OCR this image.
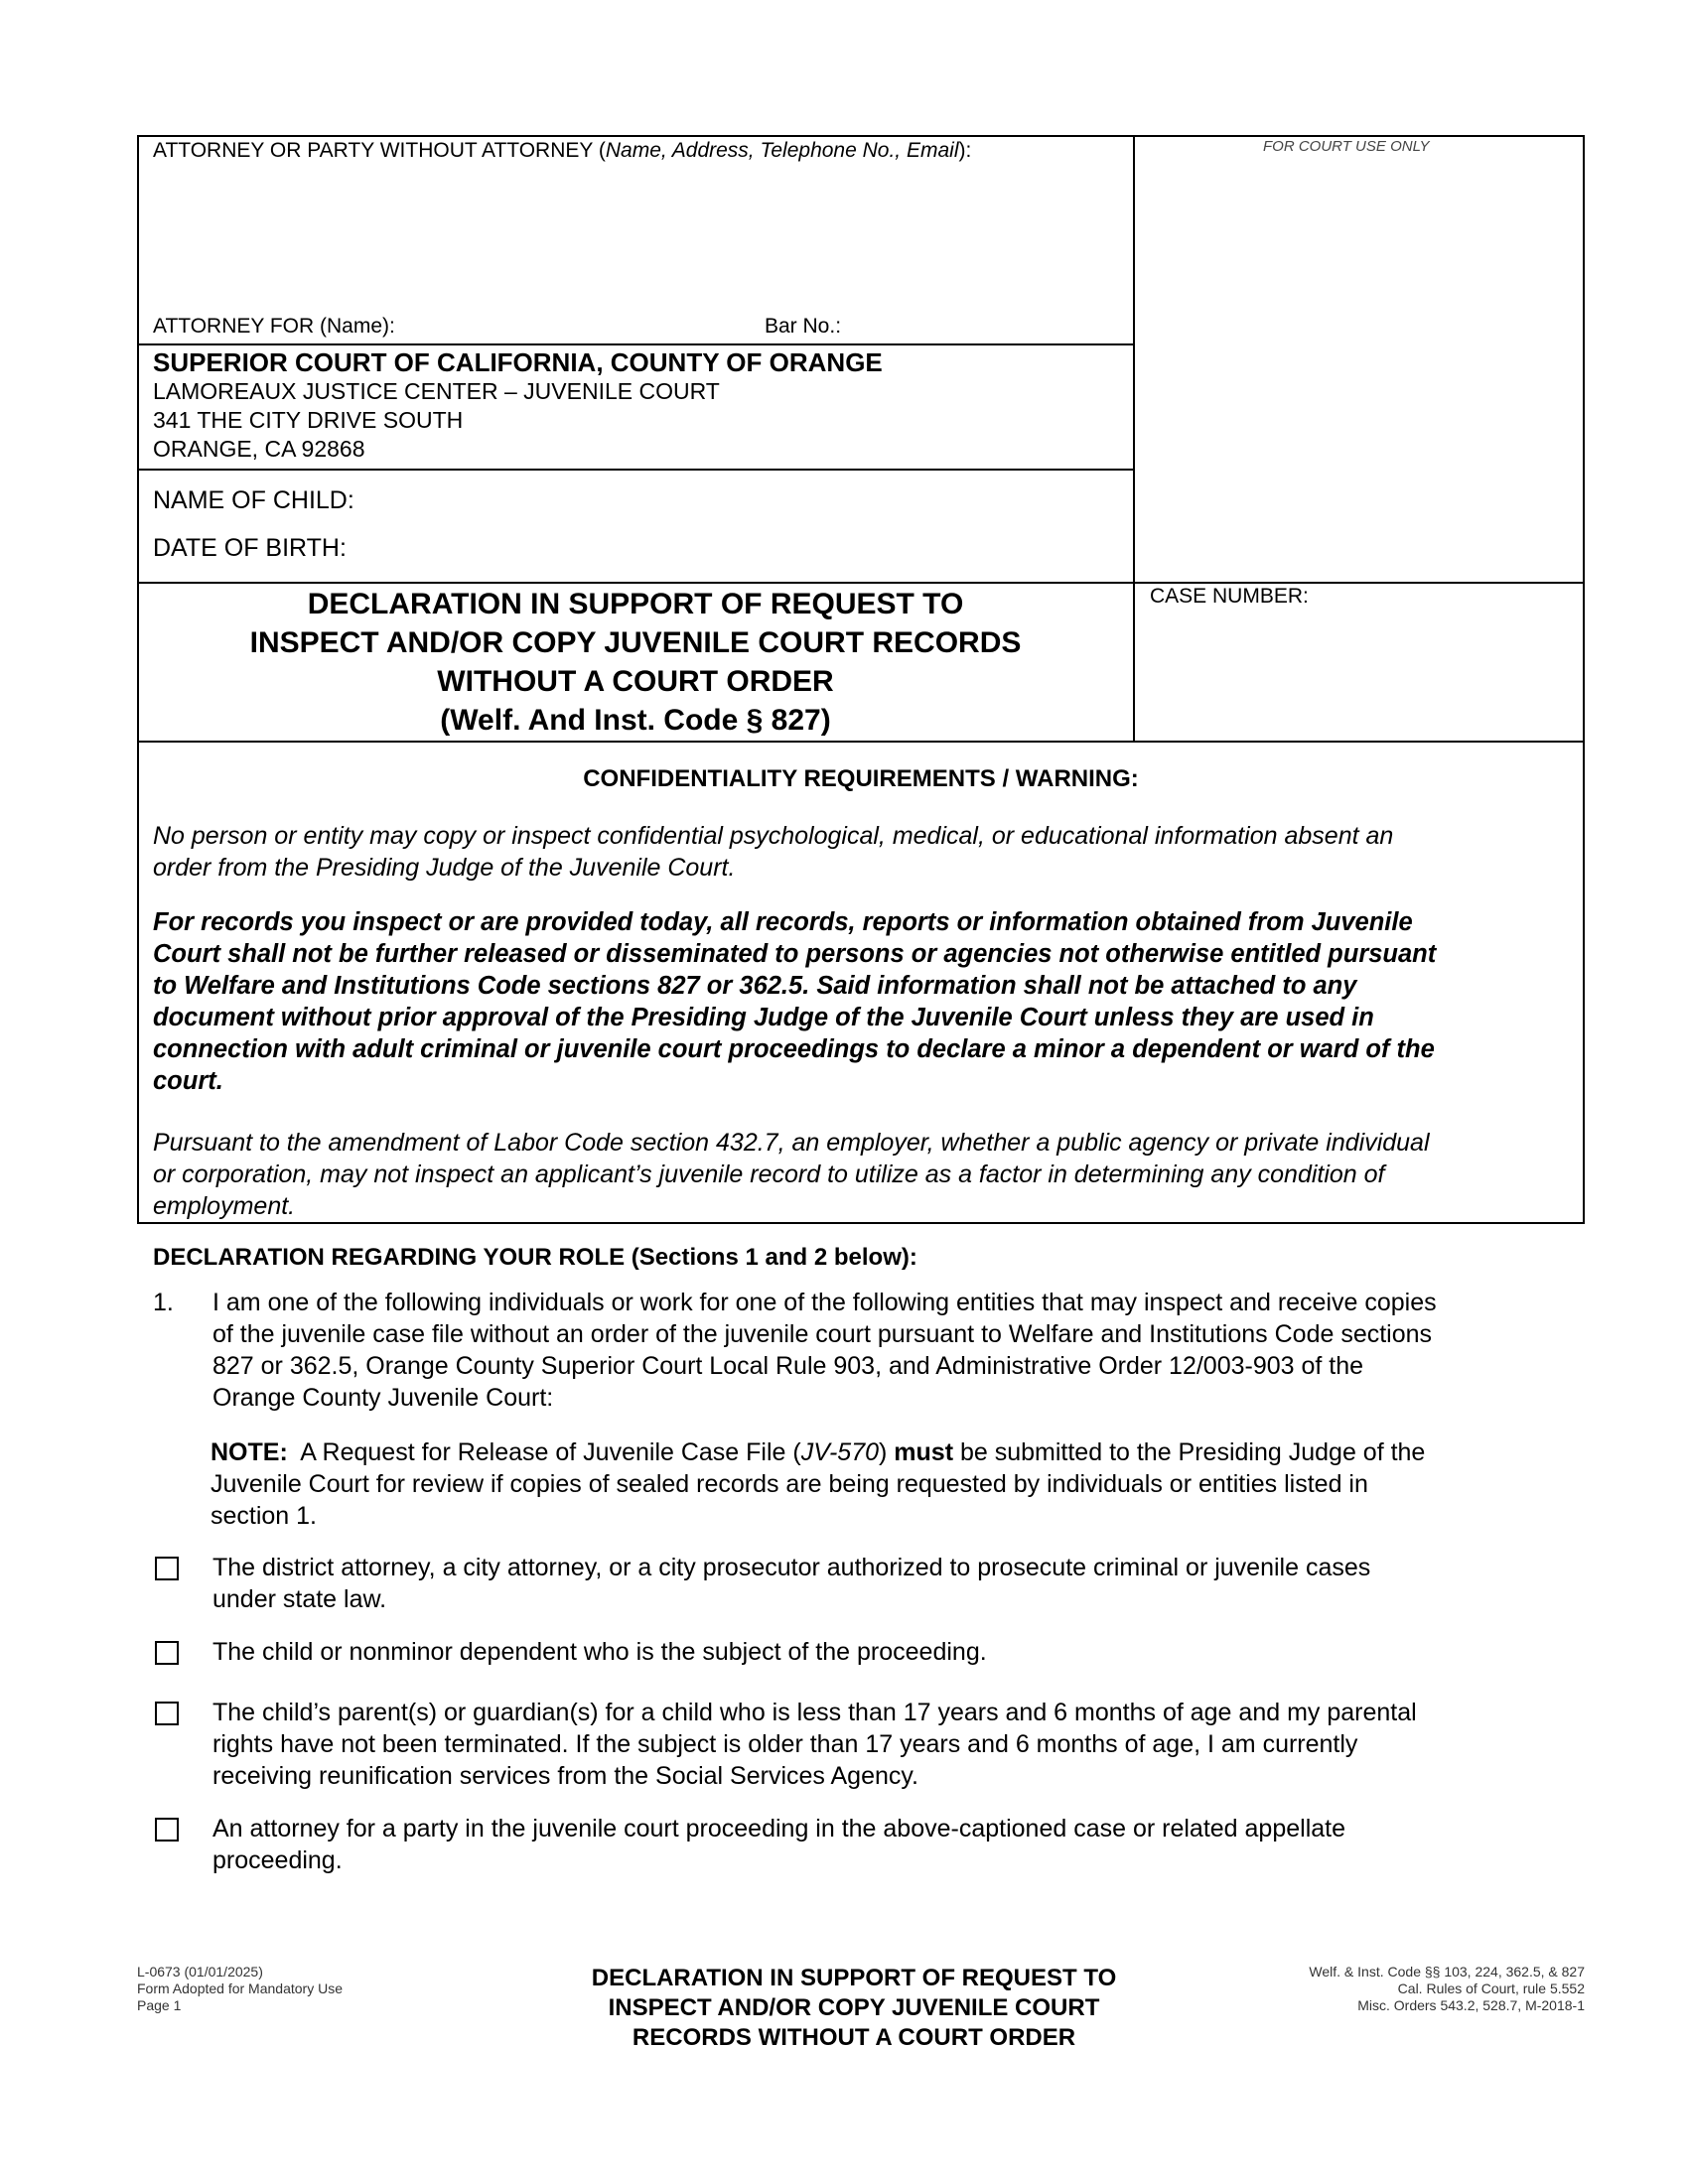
ATTORNEY OR PARTY WITHOUT ATTORNEY (Name, Address, Telephone No., Email):	FOR COURT USE ONLY
ATTORNEY FOR (Name):	Bar No.:
SUPERIOR COURT OF CALIFORNIA, COUNTY OF ORANGE
LAMOREAUX JUSTICE CENTER – JUVENILE COURT
341 THE CITY DRIVE SOUTH
ORANGE, CA 92868
NAME OF CHILD:
DATE OF BIRTH:
CASE NUMBER:
DECLARATION IN SUPPORT OF REQUEST TO
INSPECT AND/OR COPY JUVENILE COURT RECORDS
WITHOUT A COURT ORDER
(Welf. And Inst. Code § 827)
CONFIDENTIALITY REQUIREMENTS / WARNING:
No person or entity may copy or inspect confidential psychological, medical, or educational information absent an
order from the Presiding Judge of the Juvenile Court.
For records you inspect or are provided today, all records, reports or information obtained from Juvenile
Court shall not be further released or disseminated to persons or agencies not otherwise entitled pursuant
to Welfare and Institutions Code sections 827 or 362.5. Said information shall not be attached to any
document without prior approval of the Presiding Judge of the Juvenile Court unless they are used in
connection with adult criminal or juvenile court proceedings to declare a minor a dependent or ward of the
court.
Pursuant to the amendment of Labor Code section 432.7, an employer, whether a public agency or private individual
or corporation, may not inspect an applicant’s juvenile record to utilize as a factor in determining any condition of
employment.
DECLARATION REGARDING YOUR ROLE (Sections 1 and 2 below):
1. I am one of the following individuals or work for one of the following entities that may inspect and receive copies
of the juvenile case file without an order of the juvenile court pursuant to Welfare and Institutions Code sections
827 or 362.5, Orange County Superior Court Local Rule 903, and Administrative Order 12/003-903 of the
Orange County Juvenile Court:
NOTE:  A Request for Release of Juvenile Case File (JV-570) must be submitted to the Presiding Judge of the
Juvenile Court for review if copies of sealed records are being requested by individuals or entities listed in
section 1.
The district attorney, a city attorney, or a city prosecutor authorized to prosecute criminal or juvenile cases
under state law.
The child or nonminor dependent who is the subject of the proceeding.
The child’s parent(s) or guardian(s) for a child who is less than 17 years and 6 months of age and my parental
rights have not been terminated. If the subject is older than 17 years and 6 months of age, I am currently
receiving reunification services from the Social Services Agency.
An attorney for a party in the juvenile court proceeding in the above-captioned case or related appellate
proceeding.
L-0673 (01/01/2025)
Form Adopted for Mandatory Use
Page 1
DECLARATION IN SUPPORT OF REQUEST TO
INSPECT AND/OR COPY JUVENILE COURT
RECORDS WITHOUT A COURT ORDER
Welf. & Inst. Code §§ 103, 224, 362.5, & 827
Cal. Rules of Court, rule 5.552
Misc. Orders 543.2, 528.7, M-2018-1
